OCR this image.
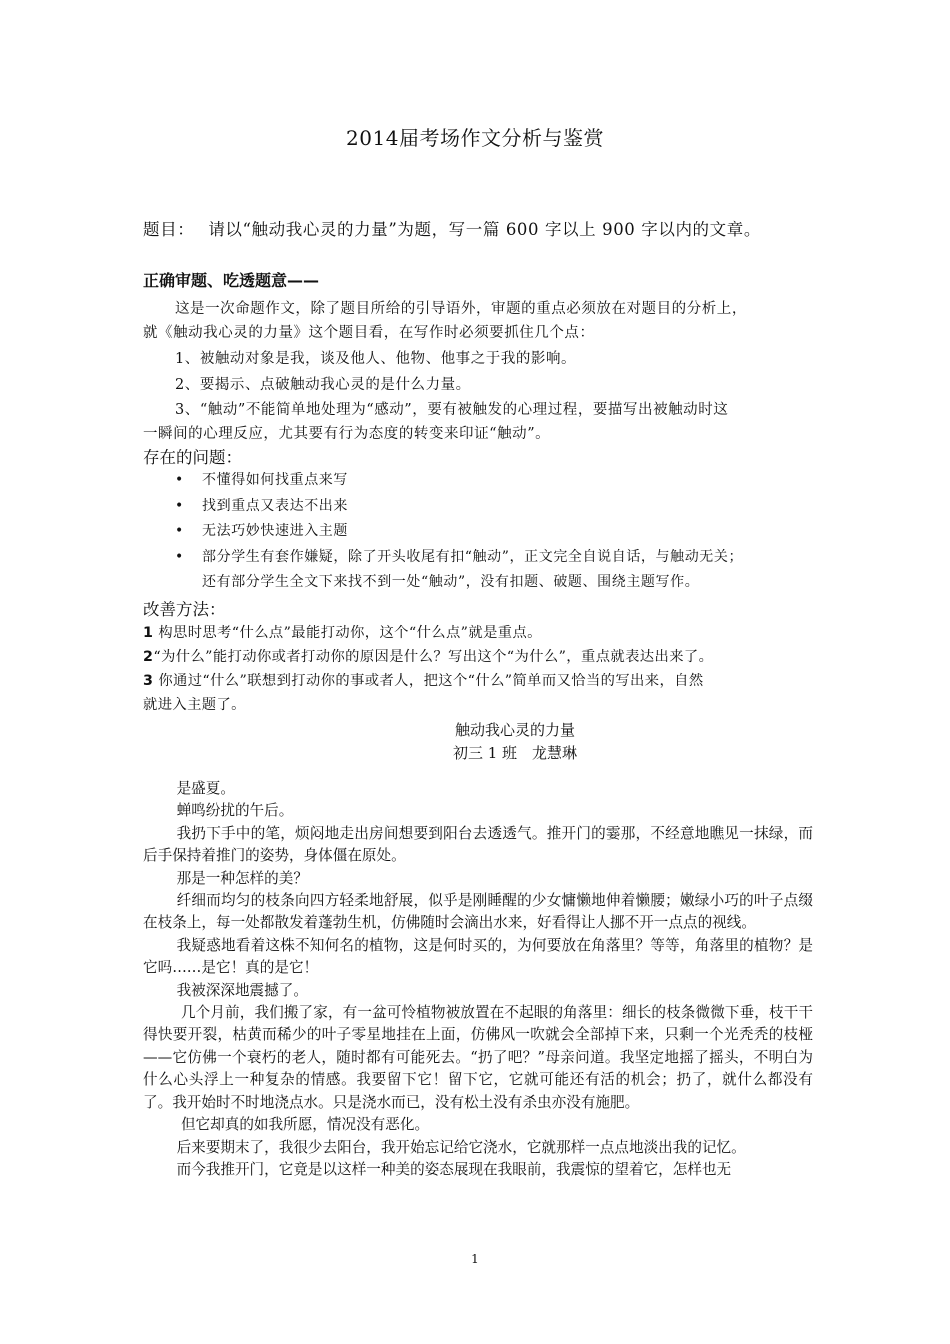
2014届考场作文分析与鉴赏
题目： 请以“触动我心灵的力量”为题，写一篇 600 字以上 900 字以内的文章。
正确审题、吃透题意——
这是一次命题作文，除了题目所给的引导语外，审题的重点必须放在对题目的分析上，
就《触动我心灵的力量》这个题目看，在写作时必须要抓住几个点：
1、被触动对象是我，谈及他人、他物、他事之于我的影响。
2、要揭示、点破触动我心灵的是什么力量。
3、“触动”不能简单地处理为“感动”，要有被触发的心理过程，要描写出被触动时这
一瞬间的心理反应，尤其要有行为态度的转变来印证“触动”。
存在的问题：
• 不懂得如何找重点来写
• 找到重点又表达不出来
• 无法巧妙快速进入主题
• 部分学生有套作嫌疑，除了开头收尾有扣“触动”，正文完全自说自话，与触动无关；
还有部分学生全文下来找不到一处“触动”，没有扣题、破题、围绕主题写作。
改善方法：
1 构思时思考“什么点”最能打动你，这个“什么点”就是重点。
2“为什么”能打动你或者打动你的原因是什么？写出这个“为什么”，重点就表达出来了。
3 你通过“什么”联想到打动你的事或者人，把这个“什么”简单而又恰当的写出来，自然
就进入主题了。
触动我心灵的力量
初三 1 班　龙慧琳

是盛夏。

蝉鸣纷扰的午后。

我扔下手中的笔，烦闷地走出房间想要到阳台去透透气。推开门的霎那，不经意地瞧见一抹绿，而后手保持着推门的姿势，身体僵在原处。

那是一种怎样的美？

纤细而均匀的枝条向四方轻柔地舒展，似乎是刚睡醒的少女慵懒地伸着懒腰；嫩绿小巧的叶子点缀在枝条上，每一处都散发着蓬勃生机，仿佛随时会滴出水来，好看得让人挪不开一点点的视线。

我疑惑地看着这株不知何名的植物，这是何时买的，为何要放在角落里？等等，角落里的植物？是它吗……是它！真的是它！

我被深深地震撼了。

几个月前，我们搬了家，有一盆可怜植物被放置在不起眼的角落里：细长的枝条微微下垂，枝干干得快要开裂，枯黄而稀少的叶子零星地挂在上面，仿佛风一吹就会全部掉下来，只剩一个光秃秃的枝桠——它仿佛一个衰朽的老人，随时都有可能死去。“扔了吧？”母亲问道。我坚定地摇了摇头，不明白为什么心头浮上一种复杂的情感。我要留下它！留下它，它就可能还有活的机会；扔了，就什么都没有了。我开始时不时地浇点水。只是浇水而已，没有松土没有杀虫亦没有施肥。

但它却真的如我所愿，情况没有恶化。

后来要期末了，我很少去阳台，我开始忘记给它浇水，它就那样一点点地淡出我的记忆。

而今我推开门，它竟是以这样一种美的姿态展现在我眼前，我震惊的望着它，怎样也无

1
